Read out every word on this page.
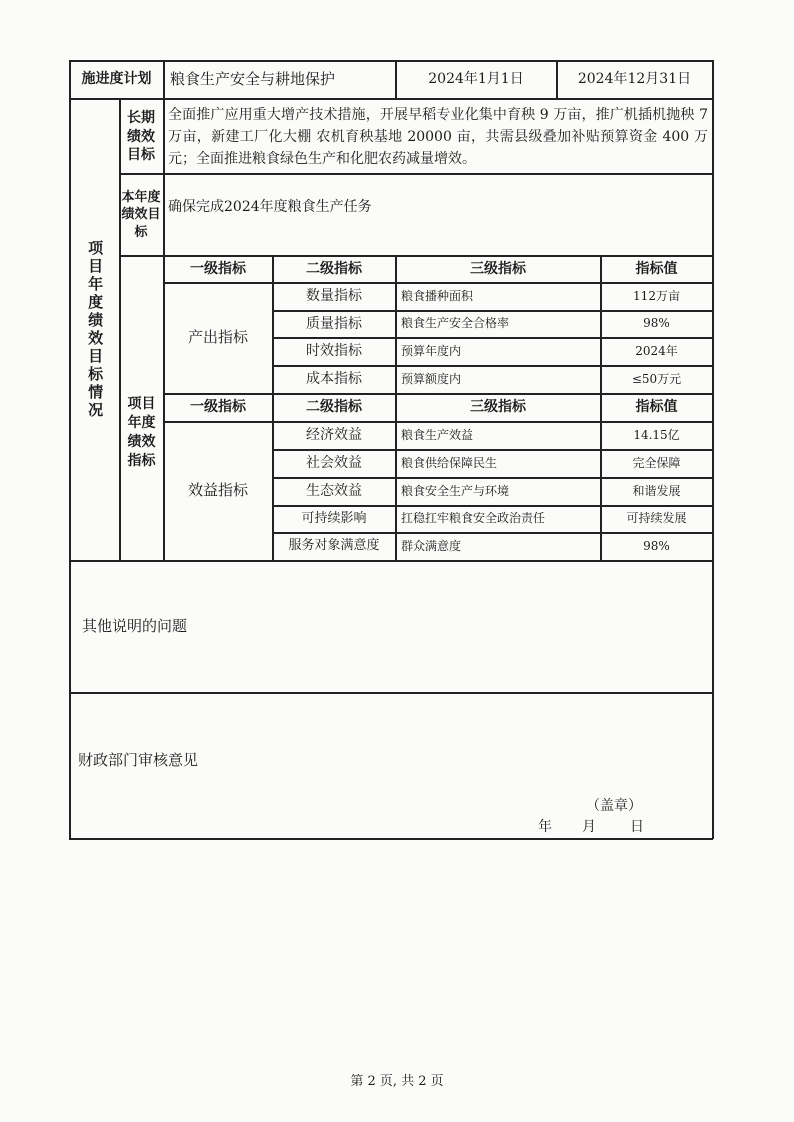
施进度计划	粮食生产安全与耕地保护	2024年1月1日	2024年12月31日
项目年度绩效目标情况
长期绩效目标
全面推广应用重大增产技术措施，开展早稻专业化集中育秧 9 万亩，推广机插机抛秧 7 万亩，新建工厂化大棚 农机育秧基地 20000 亩，共需县级叠加补贴预算资金 400 万元；全面推进粮食绿色生产和化肥农药减量增效。
本年度绩效目标
确保完成2024年度粮食生产任务
项目年度绩效指标
一级指标	二级指标	三级指标	指标值
产出指标
数量指标	粮食播种面积	112万亩
质量指标	粮食生产安全合格率	98%
时效指标	预算年度内	2024年
成本指标	预算额度内	≤50万元
一级指标	二级指标	三级指标	指标值
效益指标
经济效益	粮食生产效益	14.15亿
社会效益	粮食供给保障民生	完全保障
生态效益	粮食安全生产与环境	和谐发展
可持续影响	扛稳扛牢粮食安全政治责任	可持续发展
服务对象满意度	群众满意度	98%
其他说明的问题
财政部门审核意见
（盖章）
年 月 日
第 2 页, 共 2 页
